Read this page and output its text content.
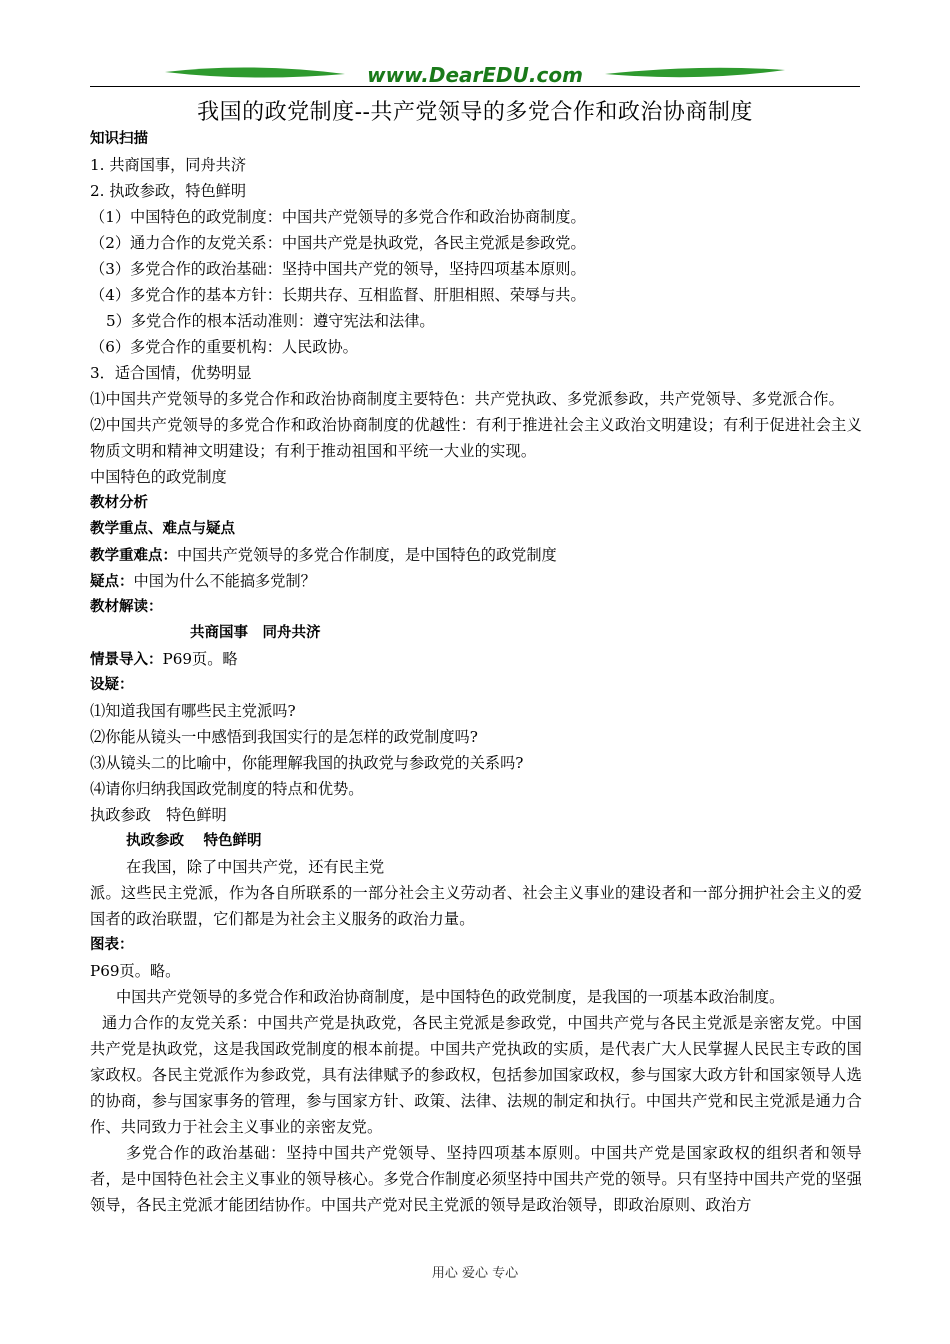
www.DearEDU.com
我国的政党制度--共产党领导的多党合作和政治协商制度
知识扫描
1. 共商国事，同舟共济
2. 执政参政，特色鲜明
（1）中国特色的政党制度：中国共产党领导的多党合作和政治协商制度。
（2）通力合作的友党关系：中国共产党是执政党，各民主党派是参政党。
（3）多党合作的政治基础：坚持中国共产党的领导，坚持四项基本原则。
（4）多党合作的基本方针：长期共存、互相监督、肝胆相照、荣辱与共。
5）多党合作的根本活动准则：遵守宪法和法律。
（6）多党合作的重要机构：人民政协。
3．适合国情，优势明显
⑴中国共产党领导的多党合作和政治协商制度主要特色：共产党执政、多党派参政，共产党领导、多党派合作。
⑵中国共产党领导的多党合作和政治协商制度的优越性：有利于推进社会主义政治文明建设；有利于促进社会主义物质文明和精神文明建设；有利于推动祖国和平统一大业的实现。
中国特色的政党制度
教材分析
教学重点、难点与疑点
教学重难点：中国共产党领导的多党合作制度，是中国特色的政党制度
疑点：中国为什么不能搞多党制？
教材解读：
共商国事　同舟共济
情景导入：P69页。略
设疑：
⑴知道我国有哪些民主党派吗?
⑵你能从镜头一中感悟到我国实行的是怎样的政党制度吗?
⑶从镜头二的比喻中，你能理解我国的执政党与参政党的关系吗?
⑷请你归纳我国政党制度的特点和优势。
执政参政　特色鲜明
执政参政　 特色鲜明
在我国，除了中国共产党，还有民主党
派。这些民主党派，作为各自所联系的一部分社会主义劳动者、社会主义事业的建设者和一部分拥护社会主义的爱国者的政治联盟，它们都是为社会主义服务的政治力量。
图表：
P69页。略。
中国共产党领导的多党合作和政治协商制度，是中国特色的政党制度，是我国的一项基本政治制度。
通力合作的友党关系：中国共产党是执政党，各民主党派是参政党，中国共产党与各民主党派是亲密友党。中国共产党是执政党，这是我国政党制度的根本前提。中国共产党执政的实质，是代表广大人民掌握人民民主专政的国家政权。各民主党派作为参政党，具有法律赋予的参政权，包括参加国家政权，参与国家大政方针和国家领导人选的协商，参与国家事务的管理，参与国家方针、政策、法律、法规的制定和执行。中国共产党和民主党派是通力合作、共同致力于社会主义事业的亲密友党。
多党合作的政治基础：坚持中国共产党领导、坚持四项基本原则。中国共产党是国家政权的组织者和领导者，是中国特色社会主义事业的领导核心。多党合作制度必须坚持中国共产党的领导。只有坚持中国共产党的坚强领导，各民主党派才能团结协作。中国共产党对民主党派的领导是政治领导，即政治原则、政治方
用心 爱心 专心
